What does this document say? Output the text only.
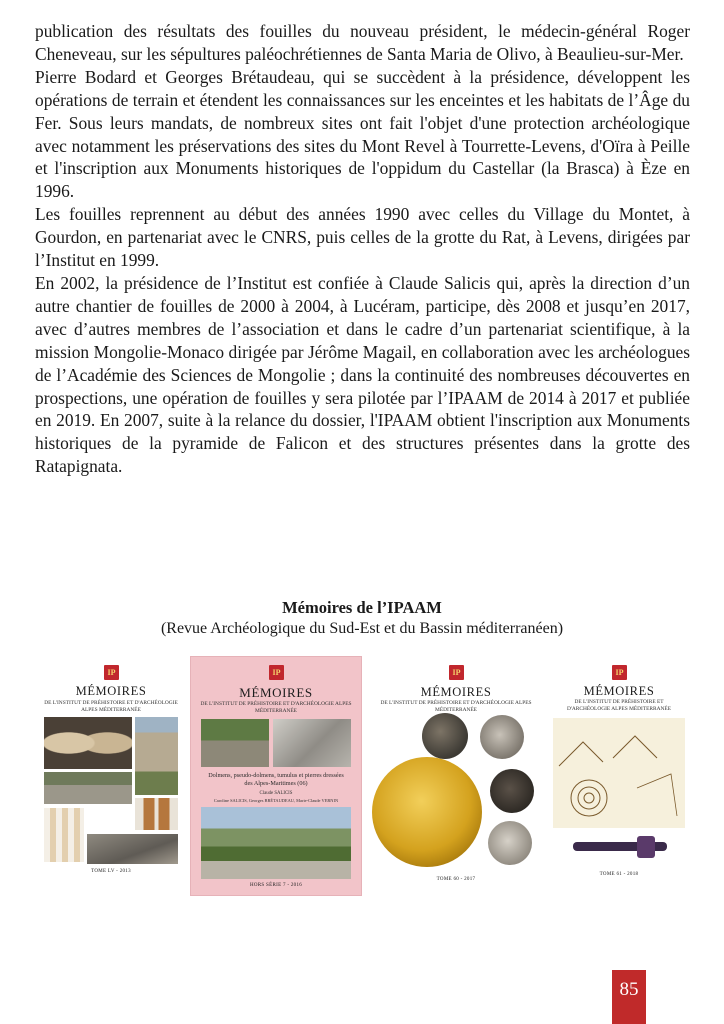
publication des résultats des fouilles du nouveau président, le médecin-général Roger Cheneveau, sur les sépultures paléochrétiennes de Santa Maria de Olivo, à Beaulieu-sur-Mer.

Pierre Bodard et Georges Brétaudeau, qui se succèdent à la présidence, développent les opérations de terrain et étendent les connaissances sur les enceintes et les habitats de l’Âge du Fer. Sous leurs mandats, de nombreux sites ont fait l'objet d'une protection archéologique avec notamment les préservations des sites du Mont Revel à Tourrette-Levens, d'Oïra à Peille et l'inscription aux Monuments historiques de l'oppidum du Castellar (la Brasca) à Èze en 1996.

Les fouilles reprennent au début des années 1990 avec celles du Village du Montet, à Gourdon, en partenariat avec le CNRS, puis celles de la grotte du Rat, à Levens, dirigées par l’Institut en 1999.

En 2002, la présidence de l’Institut est confiée à Claude Salicis qui, après la direction d’un autre chantier de fouilles de 2000 à 2004, à Lucéram, participe, dès 2008 et jusqu’en 2017, avec d’autres membres de l’association et dans le cadre d’un partenariat scientifique, à la mission Mongolie-Monaco dirigée par Jérôme Magail, en collaboration avec les archéologues de l’Académie des Sciences de Mongolie ; dans la continuité des nombreuses découvertes en prospections, une opération de fouilles y sera pilotée par l’IPAAM de 2014 à 2017 et publiée en 2019. En 2007, suite à la relance du dossier, l'IPAAM obtient l'inscription aux Monuments historiques de la pyramide de Falicon et des structures présentes dans la grotte des Ratapignata.

Mémoires de l’IPAAM
(Revue Archéologique du Sud-Est et du Bassin méditerranéen)
IP
MÉMOIRES
DE L'INSTITUT DE PRÉHISTOIRE ET D'ARCHÉOLOGIE ALPES MÉDITERRANÉE
TOME LV - 2013
IP
MÉMOIRES
DE L'INSTITUT DE PRÉHISTOIRE ET D'ARCHÉOLOGIE ALPES MÉDITERRANÉE
Dolmens, pseudo-dolmens, tumulus et pierres dressées des Alpes-Maritimes (06)
Claude SALICIS
Caroline SALICIS, Georges BRÉTAUDEAU, Marie-Claude VERNIN
HORS SÉRIE 7 - 2016
IP
MÉMOIRES
DE L'INSTITUT DE PRÉHISTOIRE ET D'ARCHÉOLOGIE ALPES MÉDITERRANÉE
TOME 60 - 2017
IP
MÉMOIRES
DE L'INSTITUT DE PRÉHISTOIRE ET D'ARCHÉOLOGIE ALPES MÉDITERRANÉE
TOME 61 - 2018
85
